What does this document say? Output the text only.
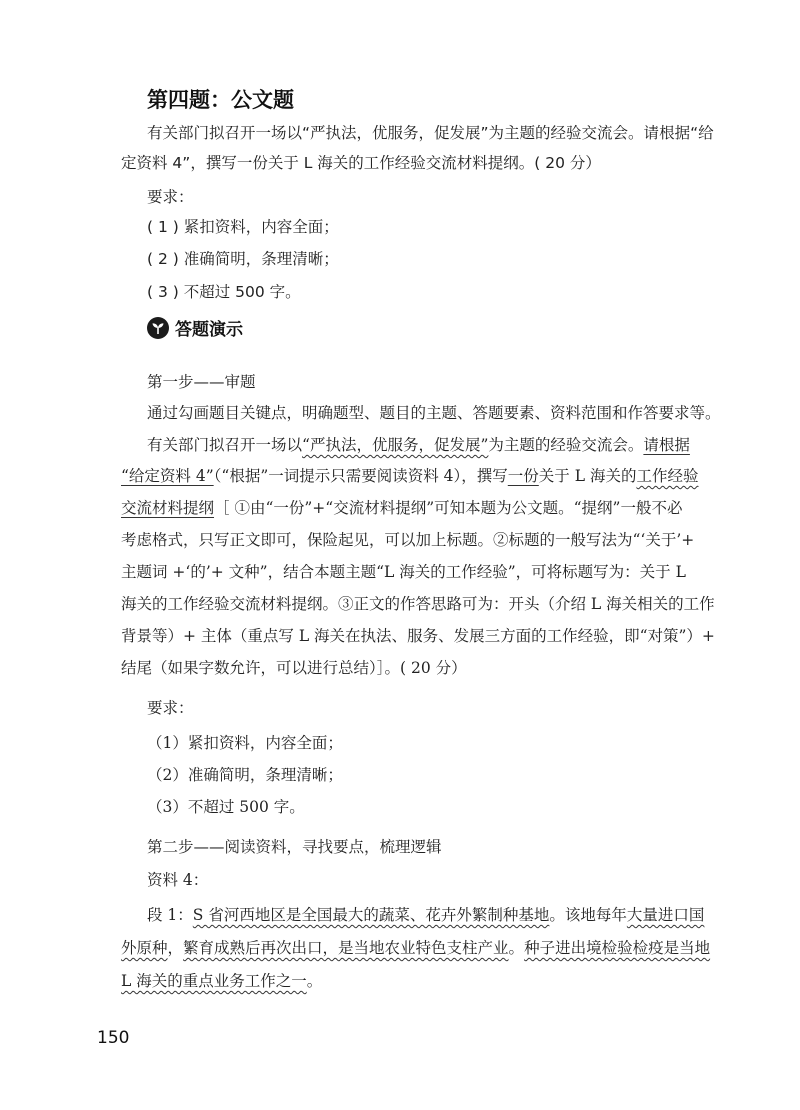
第四题：公文题
有关部门拟召开一场以“严执法，优服务，促发展”为主题的经验交流会。请根据“给
定资料 4”，撰写一份关于 L 海关的工作经验交流材料提纲。( 20 分）
要求：
( 1 ) 紧扣资料，内容全面；
( 2 ) 准确简明，条理清晰；
( 3 ) 不超过 500 字。
答题演示
第一步——审题
通过勾画题目关键点，明确题型、题目的主题、答题要素、资料范围和作答要求等。
有关部门拟召开一场以“严执法，优服务，促发展”为主题的经验交流会。请根据
“给定资料 4”（“根据”一词提示只需要阅读资料 4），撰写一份关于 L 海关的工作经验
交流材料提纲［ ①由“一份”+“交流材料提纲”可知本题为公文题。“提纲”一般不必
考虑格式，只写正文即可，保险起见，可以加上标题。②标题的一般写法为“‘关于’+
主题词 +‘的’+ 文种”，结合本题主题“L 海关的工作经验”，可将标题写为：关于 L
海关的工作经验交流材料提纲。③正文的作答思路可为：开头（介绍 L 海关相关的工作
背景等）+ 主体（重点写 L 海关在执法、服务、发展三方面的工作经验，即“对策”）+
结尾（如果字数允许，可以进行总结）］。( 20 分）
要求：
（1）紧扣资料，内容全面；
（2）准确简明，条理清晰；
（3）不超过 500 字。
第二步——阅读资料，寻找要点，梳理逻辑
资料 4：
段 1：S 省河西地区是全国最大的蔬菜、花卉外繁制种基地。该地每年大量进口国
外原种，繁育成熟后再次出口，是当地农业特色支柱产业。种子进出境检验检疫是当地
L 海关的重点业务工作之一。
150
